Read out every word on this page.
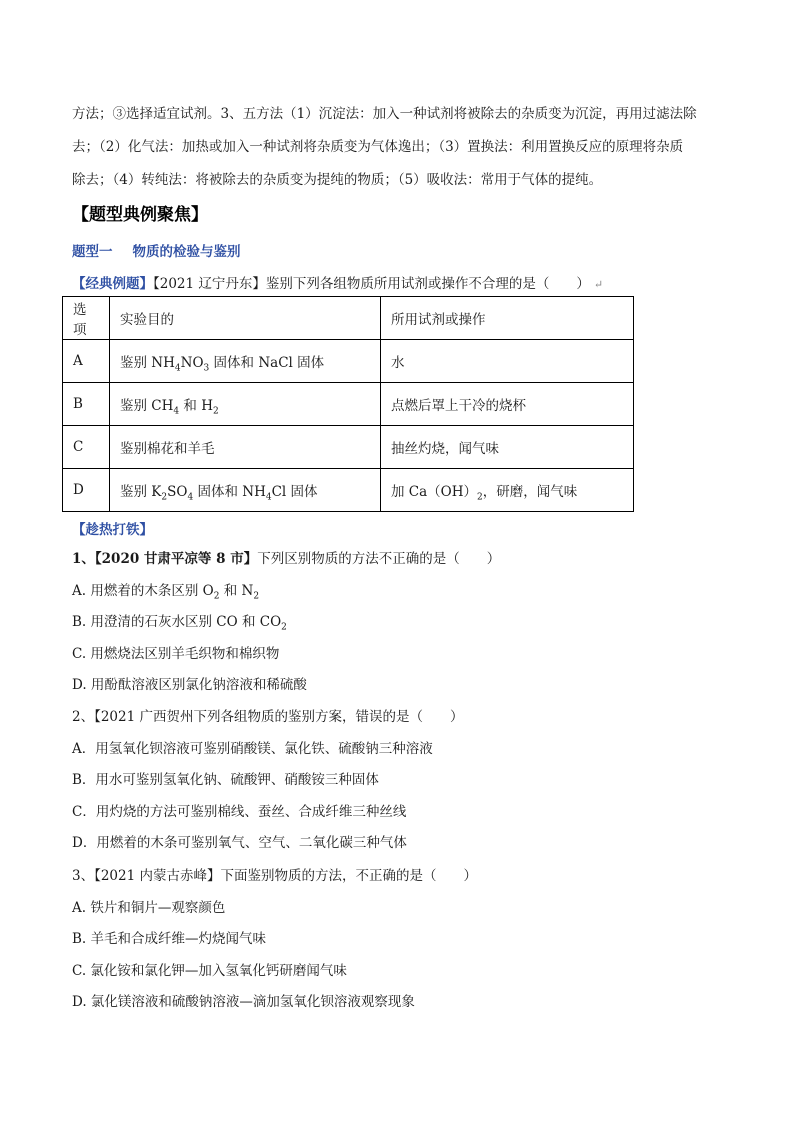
方法；③选择适宜试剂。3、五方法（1）沉淀法：加入一种试剂将被除去的杂质变为沉淀，再用过滤法除

去；（2）化气法：加热或加入一种试剂将杂质变为气体逸出；（3）置换法：利用置换反应的原理将杂质

除去；（4）转纯法：将被除去的杂质变为提纯的物质；（5）吸收法：常用于气体的提纯。

【题型典例聚焦】
题型一 物质的检验与鉴别
【经典例题】【2021 辽宁丹东】鉴别下列各组物质所用试剂或操作不合理的是（　　） ↵
选项	实验目的	所用试剂或操作
A	鉴别 $NH_4NO_3$ 固体和 NaCl 固体	水
B	鉴别 $CH_4$ 和 $H_2$	点燃后罩上干冷的烧杯
C	鉴别棉花和羊毛	抽丝灼烧，闻气味
D	鉴别 $K_2SO_4$ 固体和 $NH_4Cl$ 固体	加 $Ca(OH)_2$，研磨，闻气味
【趁热打铁】
1、【2020 甘肃平凉等 8 市】下列区别物质的方法不正确的是（　　）
A. 用燃着的木条区别 $O_2$ 和 $N_2$
B. 用澄清的石灰水区别 CO 和 $CO_2$
C. 用燃烧法区别羊毛织物和棉织物
D. 用酚酞溶液区别氯化钠溶液和稀硫酸
2、【2021 广西贺州下列各组物质的鉴别方案，错误的是（　　）
A．用氢氧化钡溶液可鉴别硝酸镁、氯化铁、硫酸钠三种溶液
B．用水可鉴别氢氧化钠、硫酸钾、硝酸铵三种固体
C．用灼烧的方法可鉴别棉线、蚕丝、合成纤维三种丝线
D．用燃着的木条可鉴别氧气、空气、二氧化碳三种气体
3、【2021 内蒙古赤峰】下面鉴别物质的方法，不正确的是（　　）
A. 铁片和铜片—观察颜色
B. 羊毛和合成纤维—灼烧闻气味
C. 氯化铵和氯化钾—加入氢氧化钙研磨闻气味
D. 氯化镁溶液和硫酸钠溶液—滴加氢氧化钡溶液观察现象
